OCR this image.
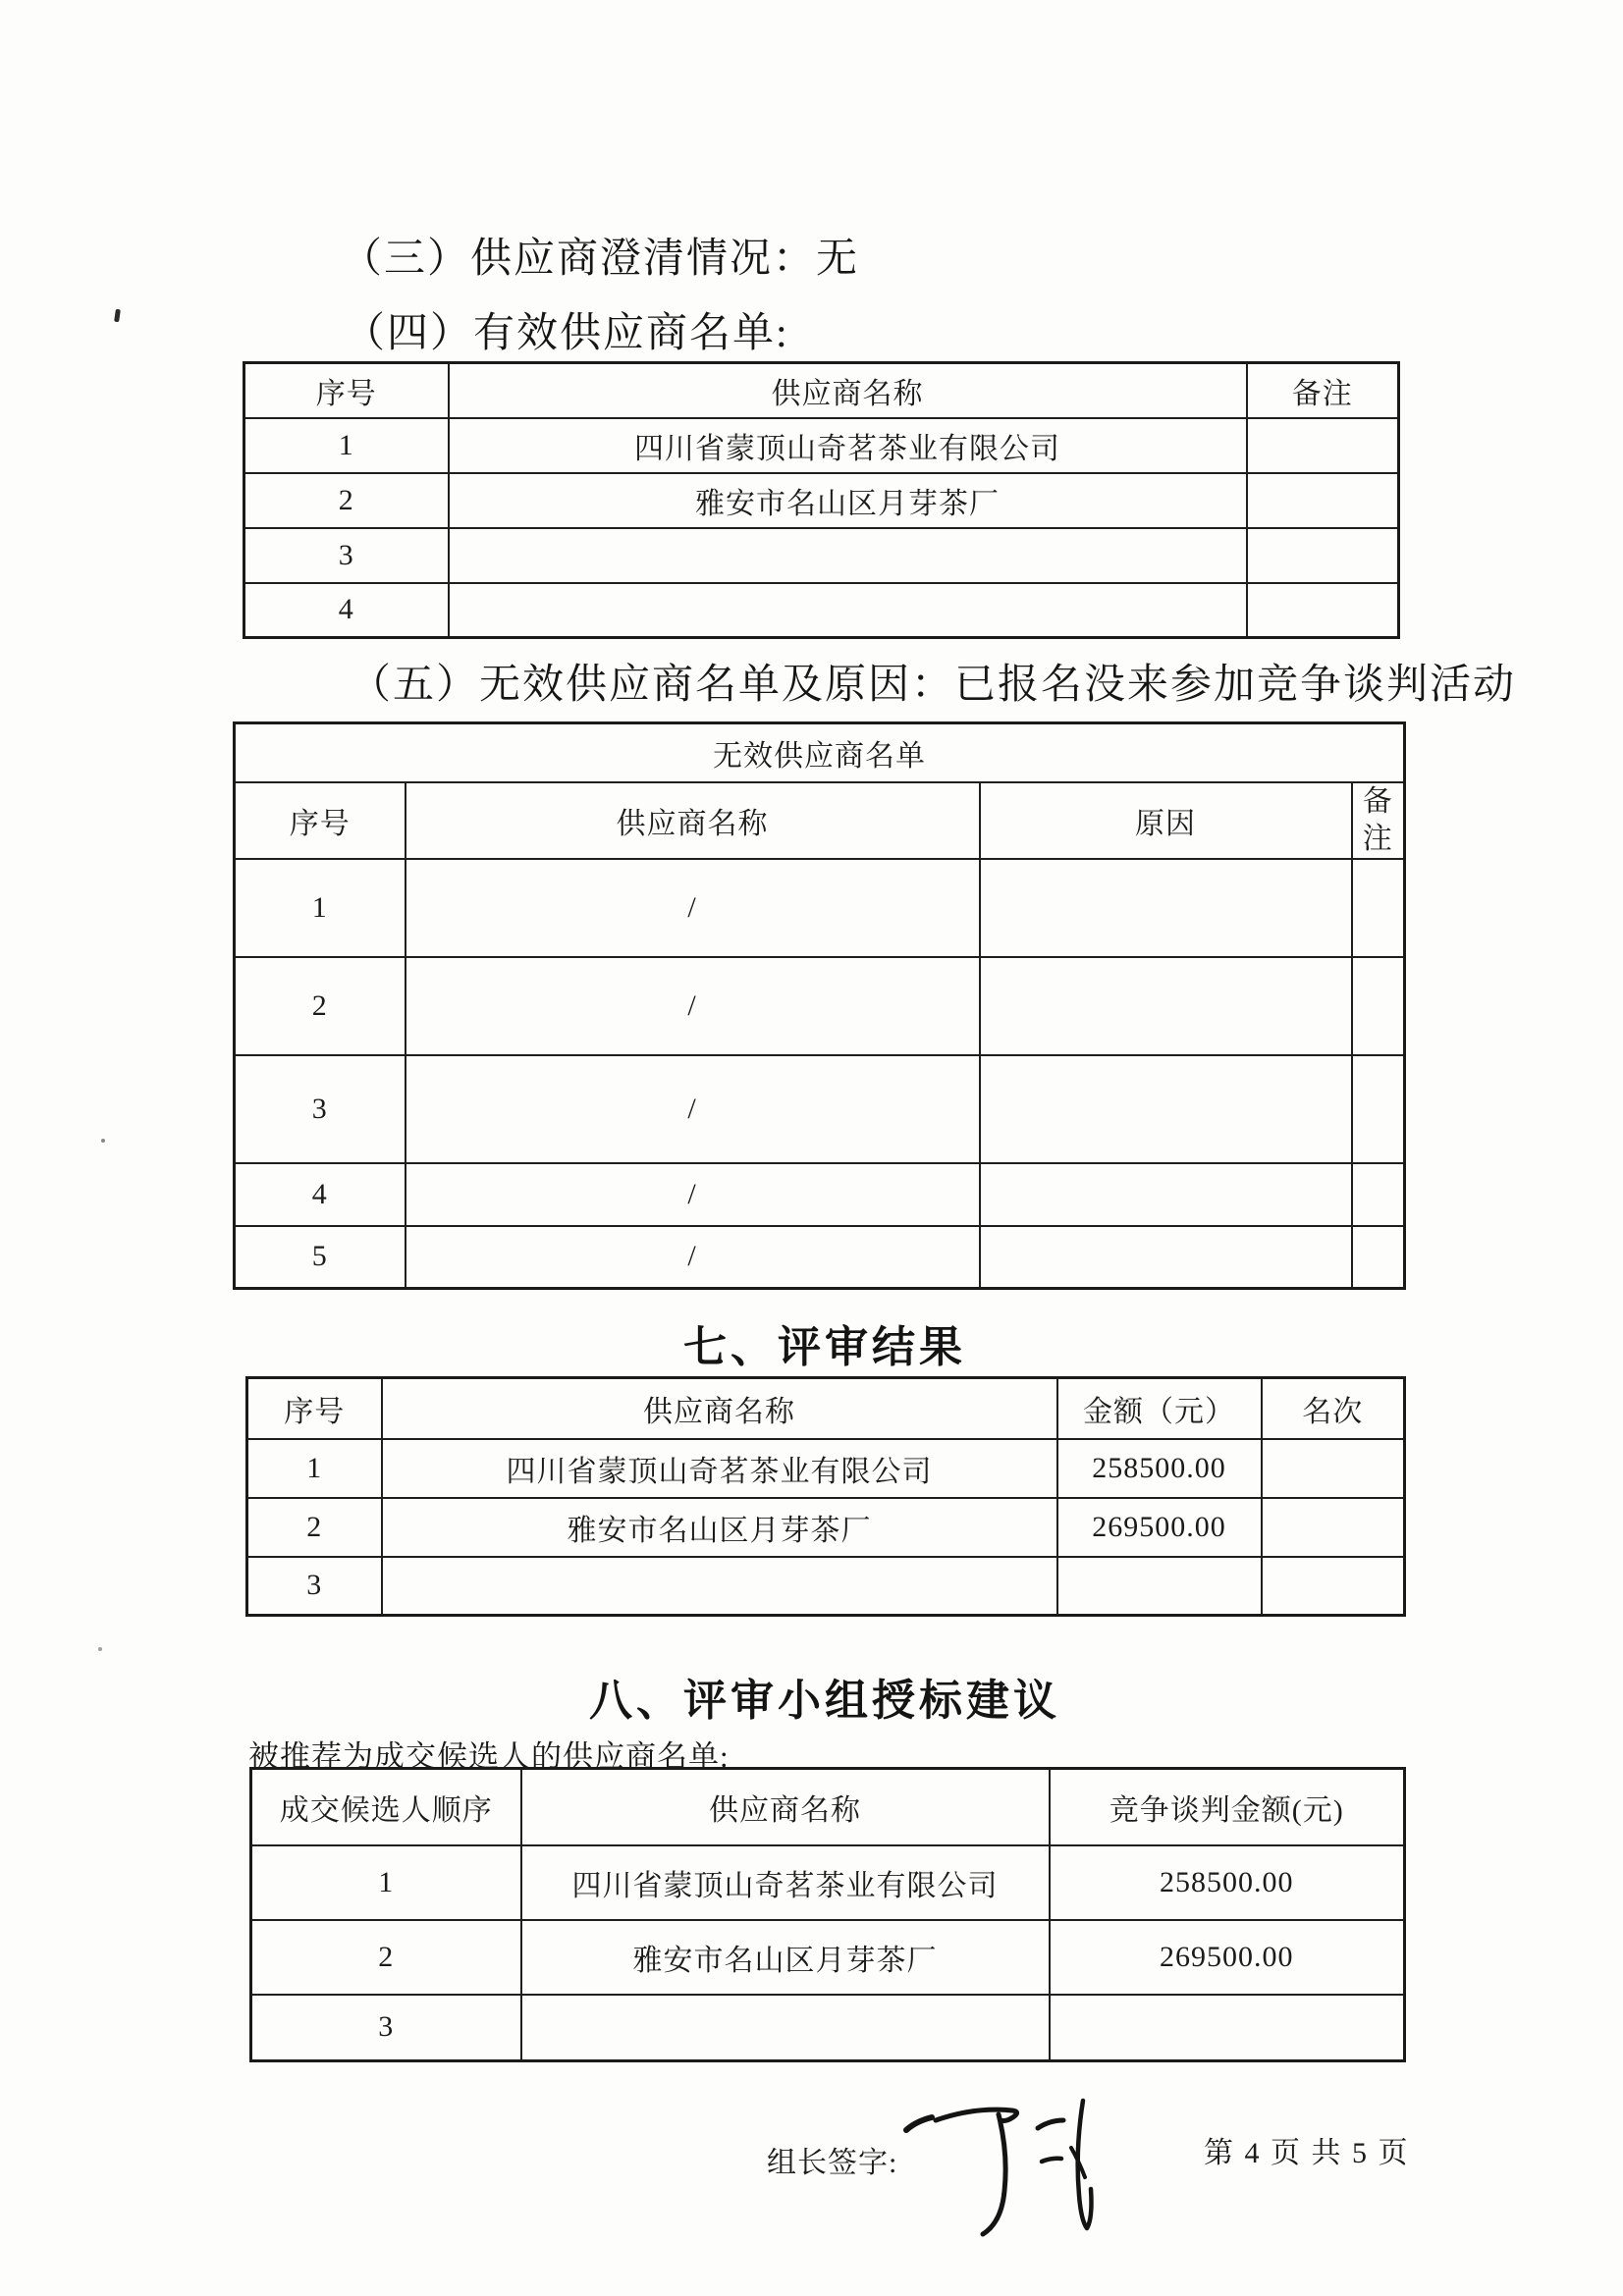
（三）供应商澄清情况：无
（四）有效供应商名单:
序号	供应商名称	备注
1	四川省蒙顶山奇茗茶业有限公司	
2	雅安市名山区月芽茶厂	
3		
4		
（五）无效供应商名单及原因：已报名没来参加竞争谈判活动
无效供应商名单			
序号	供应商名称	原因	备注
1	/		
2	/		
3	/		
4	/		
5	/		
七、评审结果
序号	供应商名称	金额（元）	名次
1	四川省蒙顶山奇茗茶业有限公司	258500.00	
2	雅安市名山区月芽茶厂	269500.00	
3			
八、评审小组授标建议
被推荐为成交候选人的供应商名单:
成交候选人顺序	供应商名称	竞争谈判金额(元)
1	四川省蒙顶山奇茗茶业有限公司	258500.00
2	雅安市名山区月芽茶厂	269500.00
3		
组长签字:	第 4 页 共 5 页
